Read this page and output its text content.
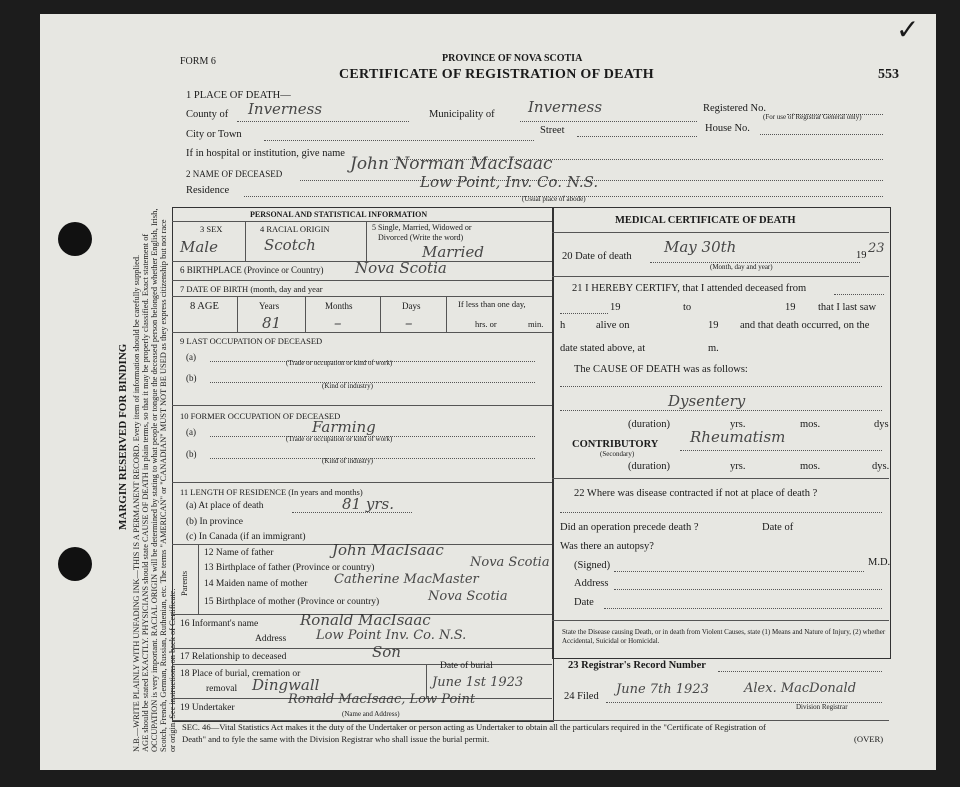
MARGIN RESERVED FOR BINDING N.B.—WRITE PLAINLY WITH UNFADING INK—THIS IS A PERMANENT RECORD. Every item of information should be carefully supplied. AGE should be stated EXACTLY. PHYSICIANS should state CAUSE OF DEATH in plain terms, so that it may be properly classified. Exact statement of OCCUPATION is very important. RACIAL ORIGIN will be determined by stating to what people or tongue the deceased person belonged whether English, Irish, Scotch, French, German, Russian, Ruthenian, etc. The terms "AMERICAN" or "CANADIAN" MUST NOT BE USED as they express citizenship but not race or origin. See instructions on back of Certificate.
FORM 6	PROVINCE OF NOVA SCOTIA
CERTIFICATE OF REGISTRATION OF DEATH	553
✓
1 PLACE OF DEATH—
County of Inverness	Municipality of Inverness	Registered No.
(For use of Registrar General only)
City or Town	Street	House No.
If in hospital or institution, give name
2 NAME OF DECEASED	John Norman MacIsaac
Residence	Low Point, Inv. Co. N.S.
(Usual place of abode)
PERSONAL AND STATISTICAL INFORMATION
3 SEX	4 RACIAL ORIGIN	5 Single, Married, Widowed or
Divorced (Write the word)
Male	Scotch	Married
6 BIRTHPLACE (Province or Country) Nova Scotia
7 DATE OF BIRTH (month, day and year
8 AGE	Years	Months	Days	If less than one day,
hrs. or	min.
81	–	–
9 LAST OCCUPATION OF DECEASED
(a)
(Trade or occupation or kind of work)
(b)
(Kind of industry)
10 FORMER OCCUPATION OF DECEASED
(a)	Farming
(Trade or occupation or kind of work)
(b)
(Kind of industry)
11 LENGTH OF RESIDENCE (In years and months)
(a) At place of death	81 yrs.
(b) In province
(c) In Canada (if an immigrant)
Parents
12 Name of father	John MacIsaac
13 Birthplace of father (Province or country)	Nova Scotia
14 Maiden name of mother Catherine MacMaster
15 Birthplace of mother (Province or country)	Nova Scotia
16 Informant's name	Ronald MacIsaac
Address Low Point Inv. Co. N.S.
17 Relationship to deceased	Son
18 Place of burial, cremation or
removal Dingwall
Date of burial
June 1st 1923
19 Undertaker
Ronald MacIsaac, Low Point
(Name and Address)
MEDICAL CERTIFICATE OF DEATH
20 Date of death
May 30th	19 23
(Month, day and year)
21 I HEREBY CERTIFY, that I attended deceased from
19	to	19 that I last saw
h	alive on	19 and that death occurred, on the
date stated above, at	m.
The CAUSE OF DEATH was as follows:
Dysentery
(duration)	yrs.	mos.	dys
CONTRIBUTORY
(Secondary)
Rheumatism
(duration)	yrs.	mos.	dys.
22 Where was disease contracted if not at place of death ?
Did an operation precede death ?	Date of
Was there an autopsy?
(Signed)	M.D.
Address
Date
State the Disease causing Death, or in death from Violent Causes, state (1) Means and Nature of Injury, (2) whether Accidental, Suicidal or Homicidal.
23 Registrar's Record Number
24 Filed June 7th 1923	Alex. MacDonald
Division Registrar
SEC. 46—Vital Statistics Act makes it the duty of the Undertaker or person acting as Undertaker to obtain all the particulars required in the "Certificate of Registration of
Death" and to fyle the same with the Division Registrar who shall issue the burial permit.	(OVER)
